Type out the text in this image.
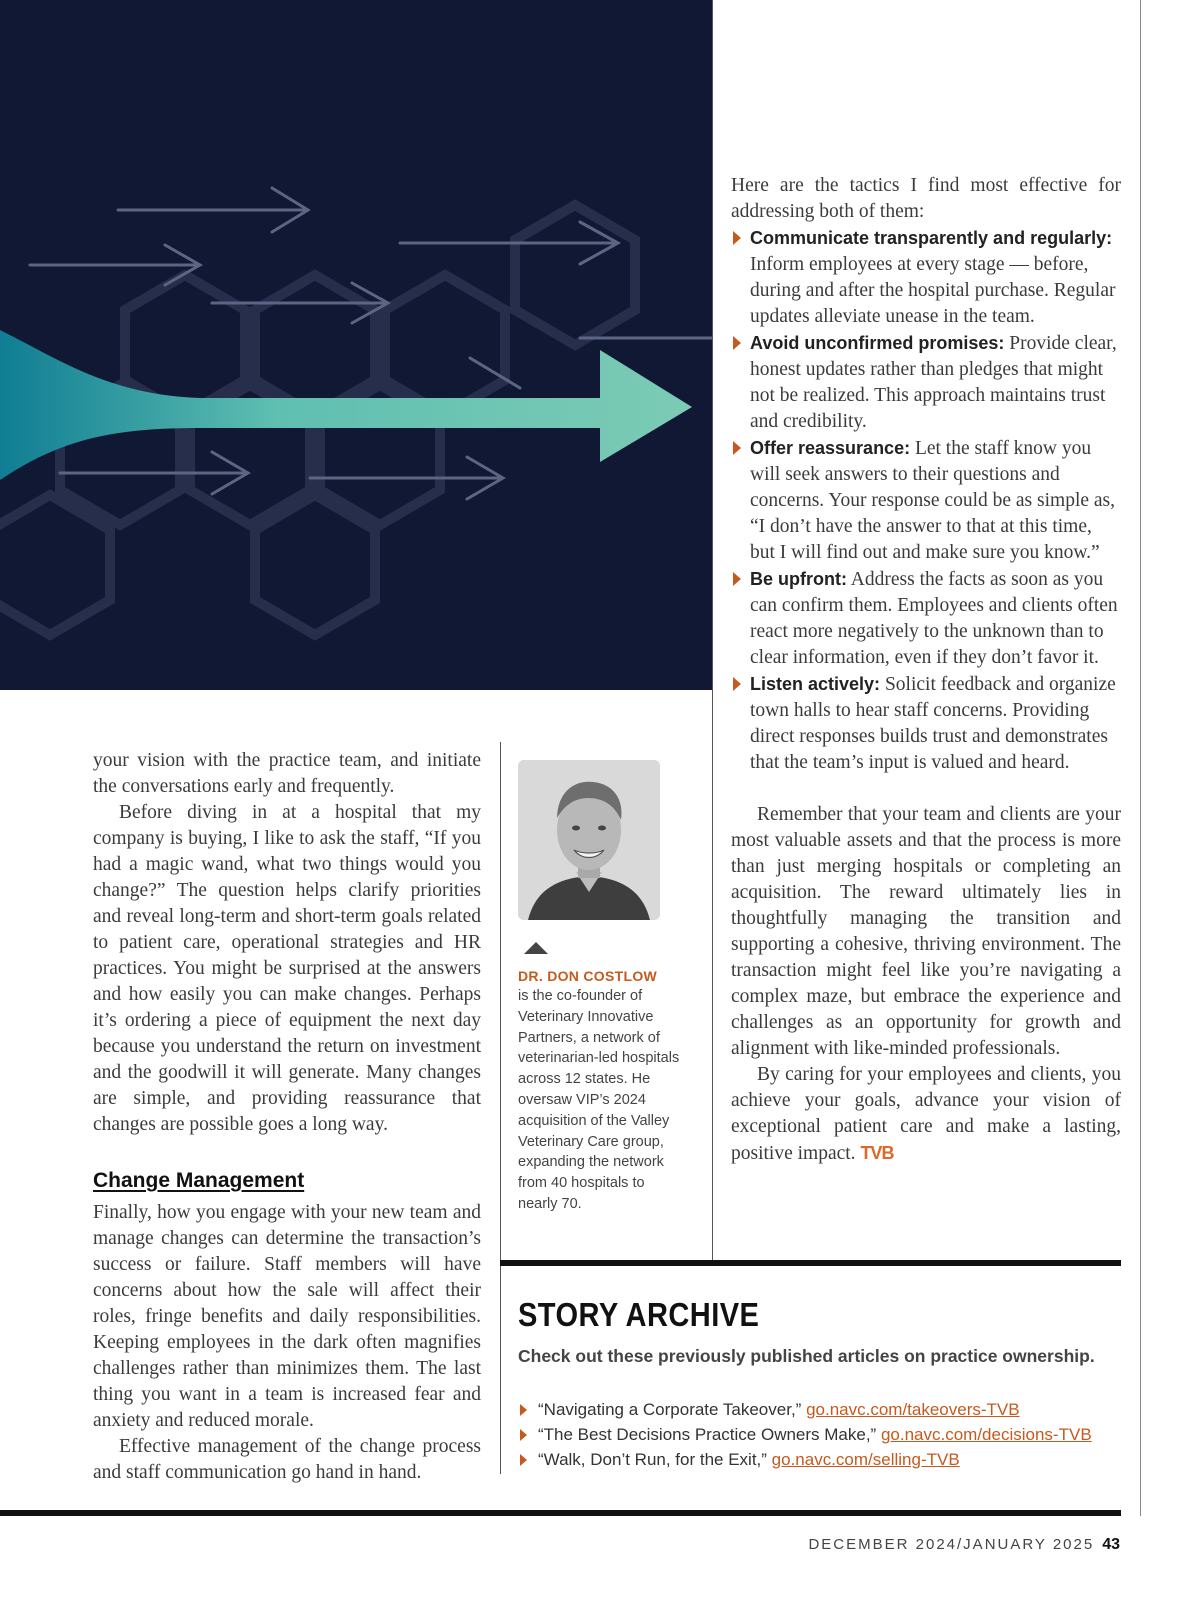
your vision with the practice team, and initiate the conversations early and frequently.

Before diving in at a hospital that my company is buying, I like to ask the staff, “If you had a magic wand, what two things would you change?” The question helps clarify priorities and reveal long-term and short-term goals related to patient care, operational strategies and HR practices. You might be surprised at the answers and how easily you can make changes. Perhaps it’s ordering a piece of equipment the next day because you understand the return on investment and the goodwill it will generate. Many changes are simple, and providing reassurance that changes are possible goes a long way.

Change Management

Finally, how you engage with your new team and manage changes can determine the transaction’s success or failure. Staff members will have concerns about how the sale will affect their roles, fringe benefits and daily responsibilities. Keeping employees in the dark often magnifies challenges rather than minimizes them. The last thing you want in a team is increased fear and anxiety and reduced morale.

Effective management of the change process and staff communication go hand in hand.

DR. DON COSTLOW
is the co-founder of Veterinary Innovative Partners, a network of veterinarian-led hospitals across 12 states. He oversaw VIP’s 2024 acquisition of the Valley Veterinary Care group, expanding the network from 40 hospitals to nearly 70.

Here are the tactics I find most effective for addressing both of them:

Communicate transparently and regularly: Inform employees at every stage — before, during and after the hospital purchase. Regular updates alleviate unease in the team.
Avoid unconfirmed promises: Provide clear, honest updates rather than pledges that might not be realized. This approach maintains trust and credibility.
Offer reassurance: Let the staff know you will seek answers to their questions and concerns. Your response could be as simple as, “I don’t have the answer to that at this time, but I will find out and make sure you know.”
Be upfront: Address the facts as soon as you can confirm them. Employees and clients often react more negatively to the unknown than to clear information, even if they don’t favor it.
Listen actively: Solicit feedback and organize town halls to hear staff concerns. Providing direct responses builds trust and demonstrates that the team’s input is valued and heard.

Remember that your team and clients are your most valuable assets and that the process is more than just merging hospitals or completing an acquisition. The reward ultimately lies in thoughtfully managing the transition and supporting a cohesive, thriving environment. The transaction might feel like you’re navigating a complex maze, but embrace the experience and challenges as an opportunity for growth and alignment with like-minded professionals.

By caring for your employees and clients, you achieve your goals, advance your vision of exceptional patient care and make a lasting, positive impact. TVB

STORY ARCHIVE
Check out these previously published articles on practice ownership.
“Navigating a Corporate Takeover,” go.navc.com/takeovers-TVB
“The Best Decisions Practice Owners Make,” go.navc.com/decisions-TVB
“Walk, Don’t Run, for the Exit,” go.navc.com/selling-TVB
DECEMBER 2024/JANUARY 2025 43
